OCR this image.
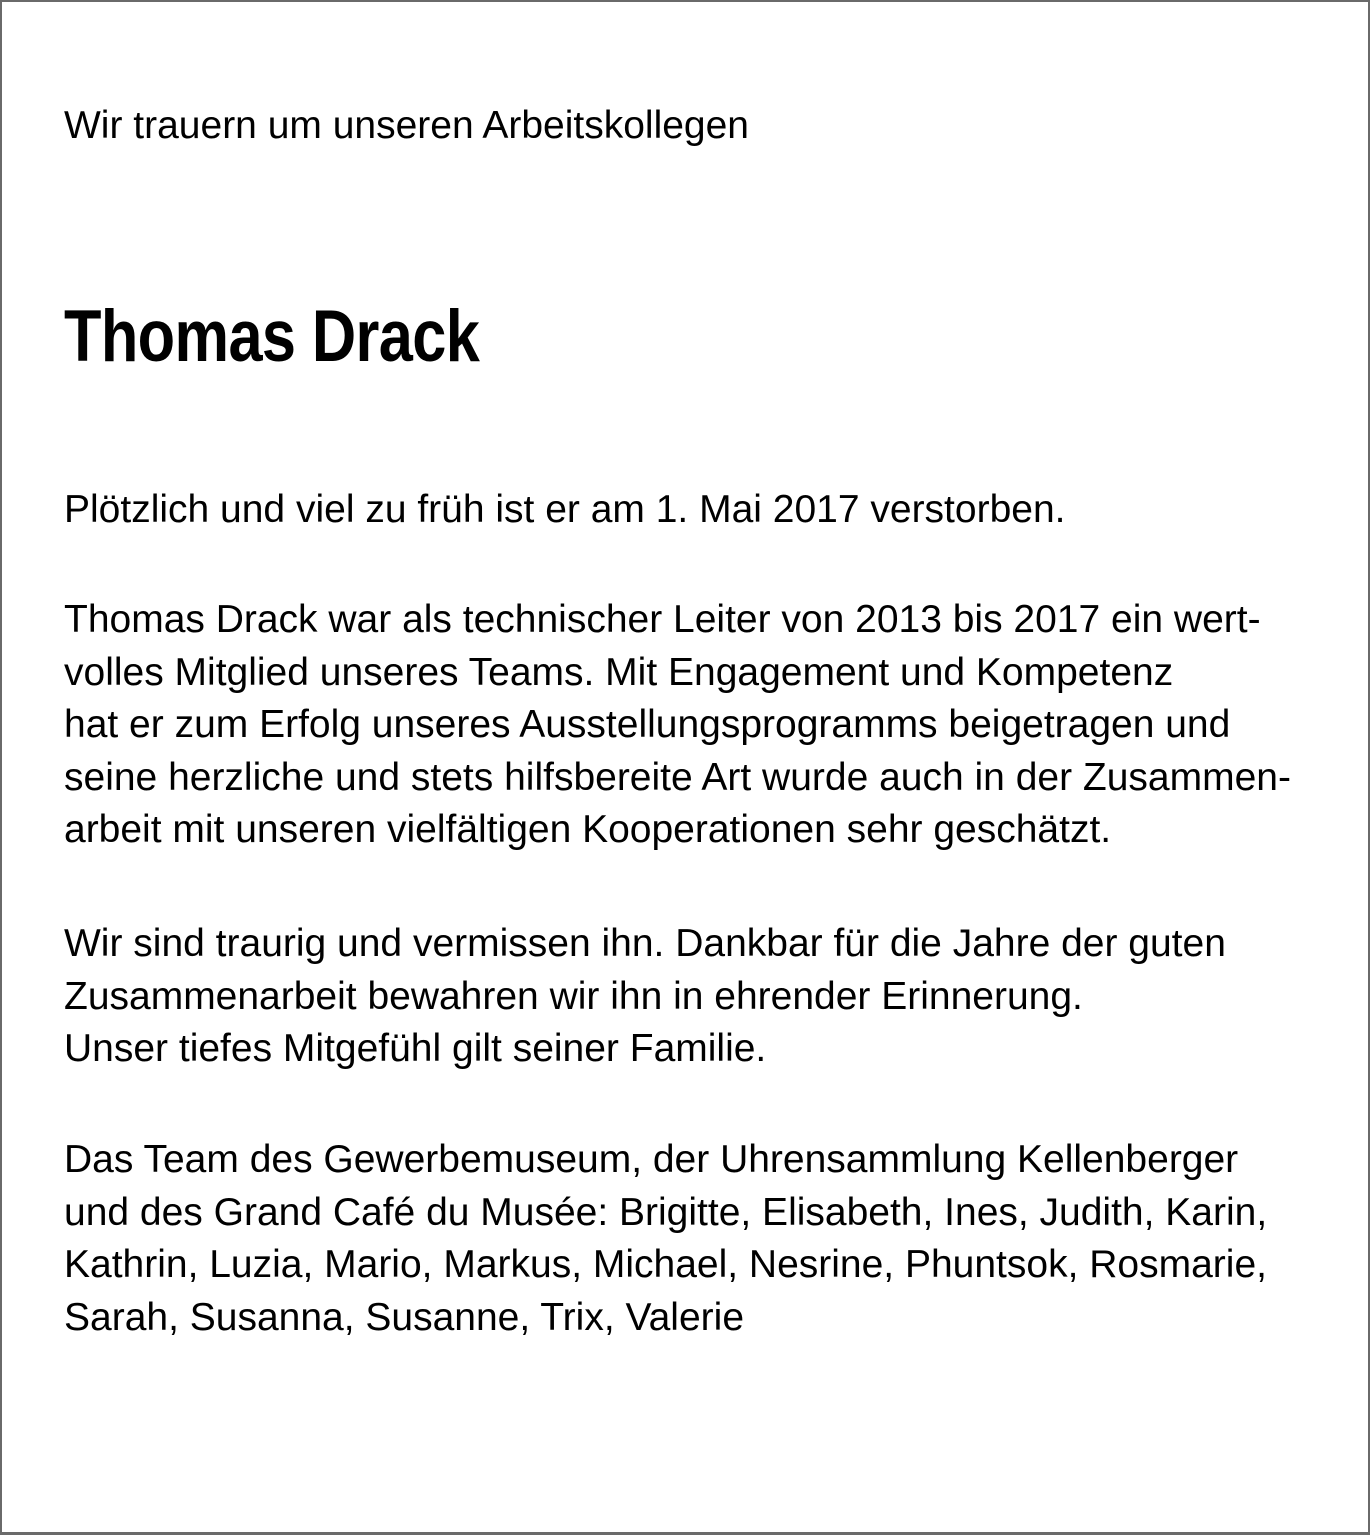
Wir trauern um unseren Arbeitskollegen
Thomas Drack
Plötzlich und viel zu früh ist er am 1. Mai 2017 verstorben.
Thomas Drack war als technischer Leiter von 2013 bis 2017 ein wert-
volles Mitglied unseres Teams. Mit Engagement und Kompetenz
hat er zum Erfolg unseres Ausstellungsprogramms beigetragen und
seine herzliche und stets hilfsbereite Art wurde auch in der Zusammen-
arbeit mit unseren vielfältigen Kooperationen sehr geschätzt.
Wir sind traurig und vermissen ihn. Dankbar für die Jahre der guten
Zusammenarbeit bewahren wir ihn in ehrender Erinnerung.
Unser tiefes Mitgefühl gilt seiner Familie.
Das Team des Gewerbemuseum, der Uhrensammlung Kellenberger
und des Grand Café du Musée: Brigitte, Elisabeth, Ines, Judith, Karin,
Kathrin, Luzia, Mario, Markus, Michael, Nesrine, Phuntsok, Rosmarie,
Sarah, Susanna, Susanne, Trix, Valerie
